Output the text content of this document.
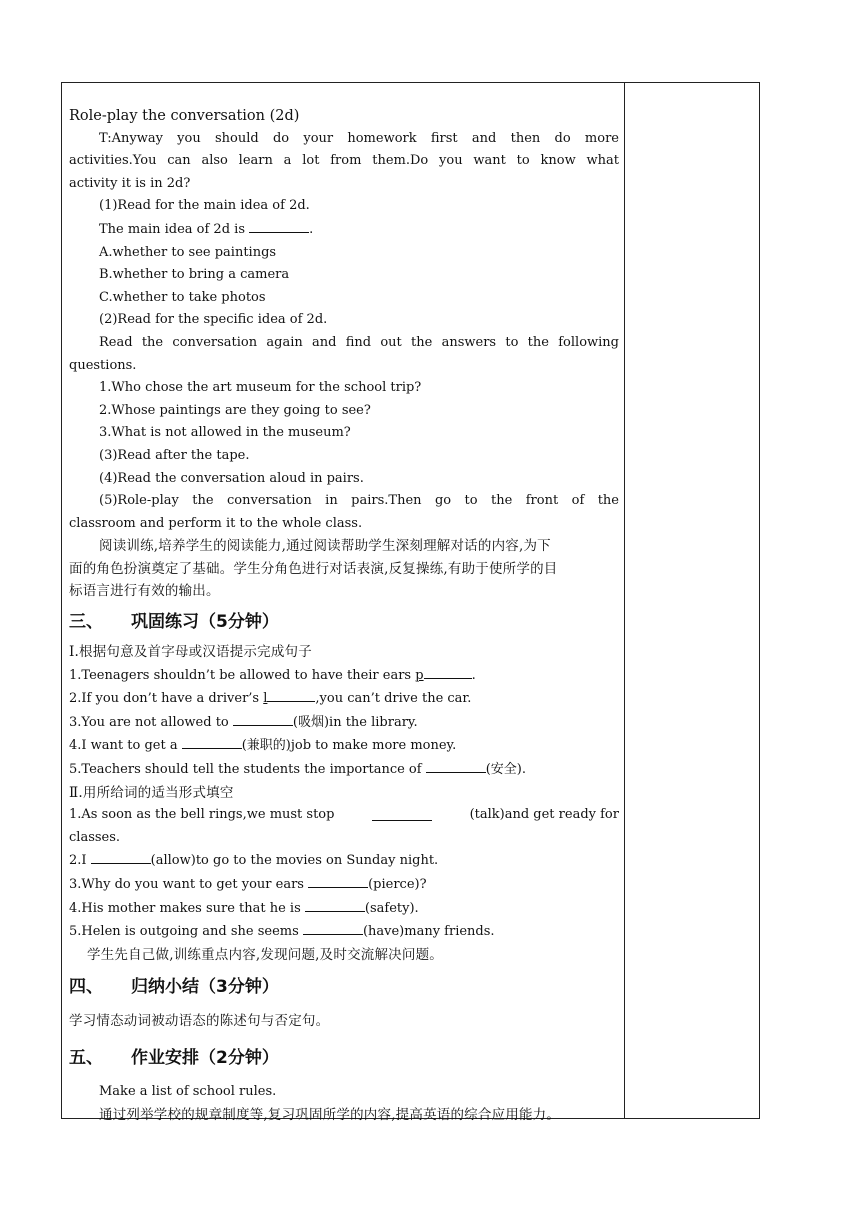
Role-play the conversation (2d)
T:Anyway you should do your homework first and then do more
activities.You can also learn a lot from them.Do you want to know what
activity it is in 2d?
(1)Read for the main idea of 2d.
The main idea of 2d is	.
A.whether to see paintings
B.whether to bring a camera
C.whether to take photos
(2)Read for the specific idea of 2d.
Read the conversation again and find out the answers to the following
questions.
1.Who chose the art museum for the school trip?
2.Whose paintings are they going to see?
3.What is not allowed in the museum?
(3)Read after the tape.
(4)Read the conversation aloud in pairs.
(5)Role-play the conversation in pairs.Then go to the front of the
classroom and perform it to the whole class.
阅读训练,培养学生的阅读能力,通过阅读帮助学生深刻理解对话的内容,为下
面的角色扮演奠定了基础。学生分角色进行对话表演,反复操练,有助于使所学的目
标语言进行有效的输出。
三、 巩固练习（5分钟）
Ⅰ.根据句意及首字母或汉语提示完成句子
1.Teenagers shouldn’t be allowed to have their ears p	.
2.If you don’t have a driver’s l	,you can’t drive the car.
3.You are not allowed to	(吸烟)in the library.
4.I want to get a	(兼职的)job to make more money.
5.Teachers should tell the students the importance of	(安全).
Ⅱ.用所给词的适当形式填空
1.As soon as the bell rings,we must stop	(talk)and get ready for
classes.
2.I	(allow)to go to the movies on Sunday night.
3.Why do you want to get your ears	(pierce)?
4.His mother makes sure that he is	(safety).
5.Helen is outgoing and she seems	(have)many friends.
学生先自己做,训练重点内容,发现问题,及时交流解决问题。
四、 归纳小结（3分钟）
学习情态动词被动语态的陈述句与否定句。
五、 作业安排（2分钟）
Make a list of school rules.
通过列举学校的规章制度等,复习巩固所学的内容,提高英语的综合应用能力。
